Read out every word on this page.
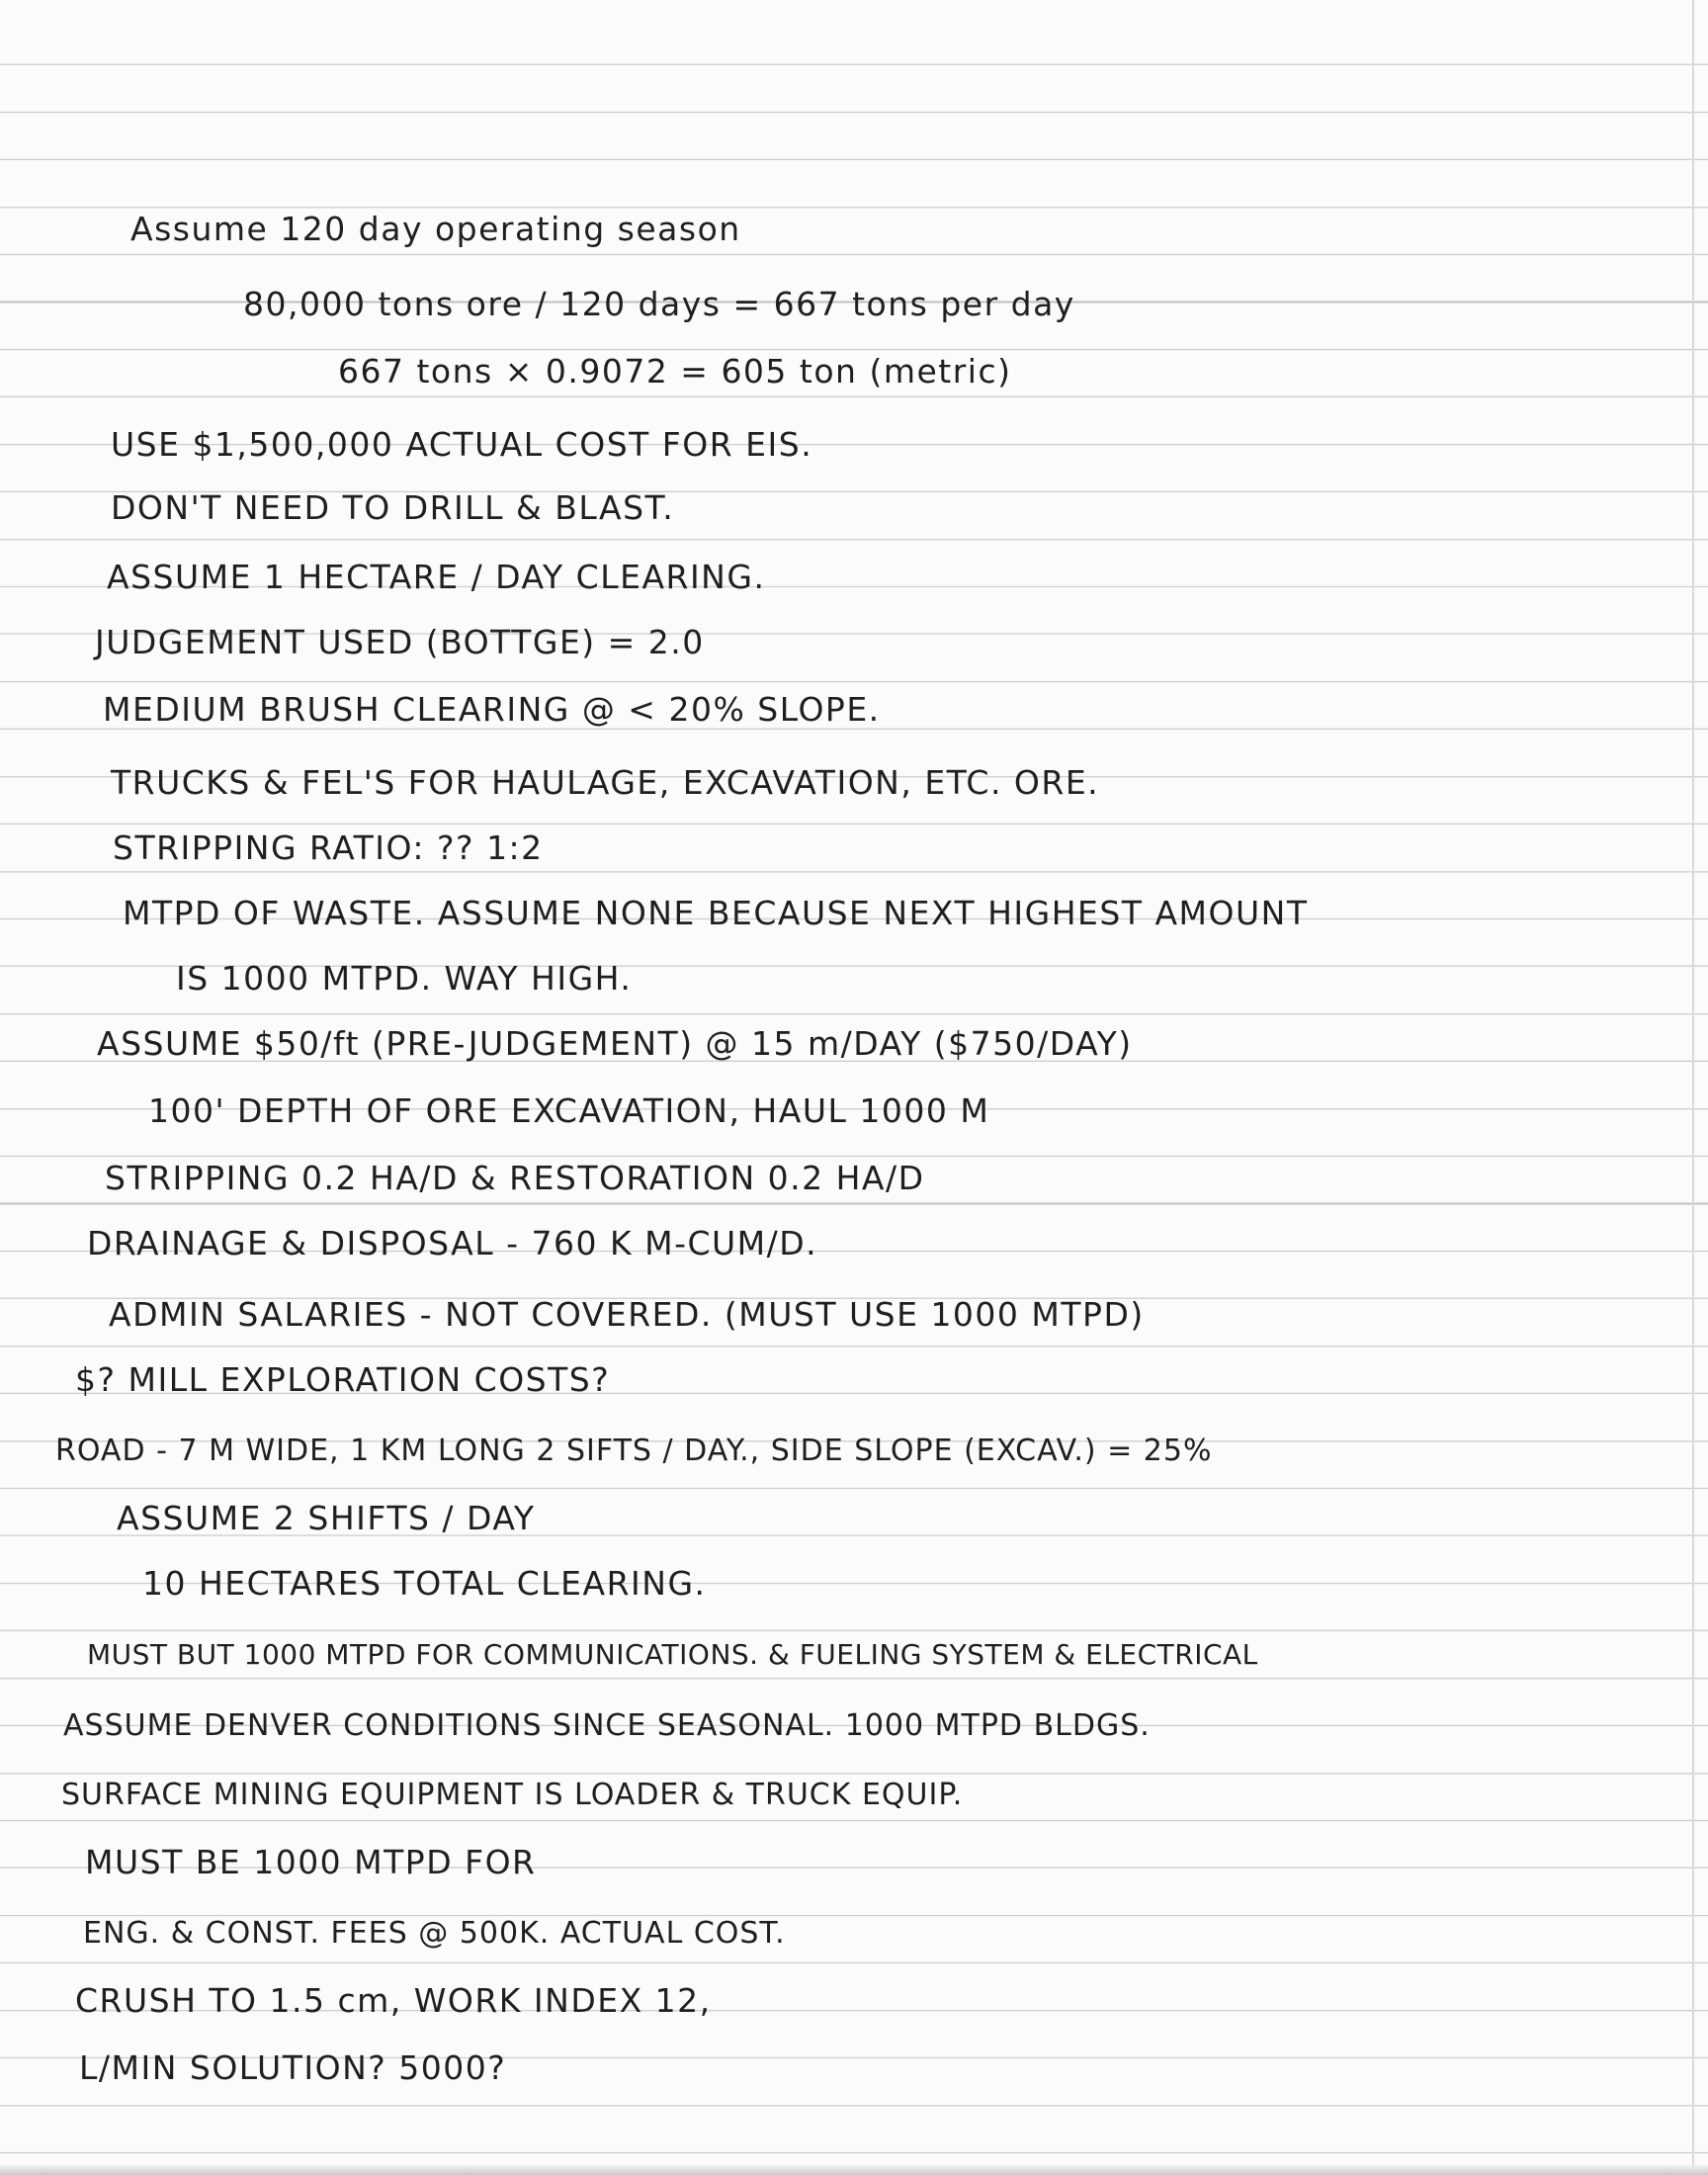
Assume 120 day operating season
80,000 tons ore / 120 days = 667 tons per day
667 tons × 0.9072 = 605 ton (metric)
USE $1,500,000 ACTUAL COST FOR EIS.
DON'T NEED TO DRILL & BLAST.
ASSUME 1 HECTARE / DAY CLEARING.
JUDGEMENT USED (BOTTGE) = 2.0
MEDIUM BRUSH CLEARING @ < 20% SLOPE.
TRUCKS & FEL'S FOR HAULAGE, EXCAVATION, ETC. ORE.
STRIPPING RATIO: ?? 1:2
MTPD OF WASTE. ASSUME NONE BECAUSE NEXT HIGHEST AMOUNT
IS 1000 MTPD. WAY HIGH.
ASSUME $50/ft (PRE-JUDGEMENT) @ 15 m/DAY ($750/DAY)
100' DEPTH OF ORE EXCAVATION, HAUL 1000 M
STRIPPING 0.2 HA/D & RESTORATION 0.2 HA/D
DRAINAGE & DISPOSAL - 760 K M-CUM/D.
ADMIN SALARIES - NOT COVERED. (MUST USE 1000 MTPD)
$? MILL EXPLORATION COSTS?
ROAD - 7 M WIDE, 1 KM LONG 2 SIFTS / DAY., SIDE SLOPE (EXCAV.) = 25%
ASSUME 2 SHIFTS / DAY
10 HECTARES TOTAL CLEARING.
MUST BUT 1000 MTPD FOR COMMUNICATIONS. & FUELING SYSTEM & ELECTRICAL
ASSUME DENVER CONDITIONS SINCE SEASONAL. 1000 MTPD BLDGS.
SURFACE MINING EQUIPMENT IS LOADER & TRUCK EQUIP.
MUST BE 1000 MTPD FOR
ENG. & CONST. FEES @ 500K. ACTUAL COST.
CRUSH TO 1.5 cm, WORK INDEX 12,
L/MIN SOLUTION? 5000?
